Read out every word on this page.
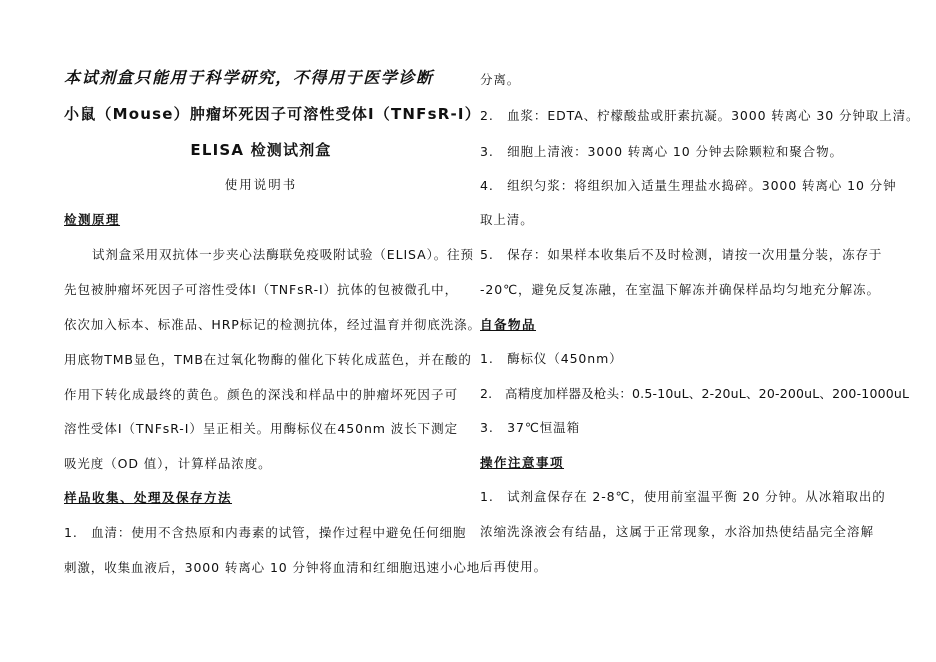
本试剂盒只能用于科学研究，不得用于医学诊断
小鼠（Mouse）肿瘤坏死因子可溶性受体Ⅰ（TNFsR-Ⅰ）
ELISA 检测试剂盒
使用说明书
检测原理
试剂盒采用双抗体一步夹心法酶联免疫吸附试验（ELISA）。往预
先包被肿瘤坏死因子可溶性受体Ⅰ（TNFsR-Ⅰ）抗体的包被微孔中，
依次加入标本、标准品、HRP标记的检测抗体，经过温育并彻底洗涤。
用底物TMB显色，TMB在过氧化物酶的催化下转化成蓝色，并在酸的
作用下转化成最终的黄色。颜色的深浅和样品中的肿瘤坏死因子可
溶性受体Ⅰ（TNFsR-Ⅰ）呈正相关。用酶标仪在450nm 波长下测定
吸光度（OD 值），计算样品浓度。
样品收集、处理及保存方法
1.　血清：使用不含热原和内毒素的试管，操作过程中避免任何细胞
刺激，收集血液后，3000 转离心 10 分钟将血清和红细胞迅速小心地
分离。
2.　血浆：EDTA、柠檬酸盐或肝素抗凝。3000 转离心 30 分钟取上清。
3.　细胞上清液：3000 转离心 10 分钟去除颗粒和聚合物。
4.　组织匀浆：将组织加入适量生理盐水捣碎。3000 转离心 10 分钟
取上清。
5.　保存：如果样本收集后不及时检测，请按一次用量分装，冻存于
-20℃，避免反复冻融，在室温下解冻并确保样品均匀地充分解冻。
自备物品
1.　酶标仪（450nm）
2.　高精度加样器及枪头：0.5-10uL、2-20uL、20-200uL、200-1000uL
3.　37℃恒温箱
操作注意事项
1.　试剂盒保存在 2-8℃，使用前室温平衡 20 分钟。从冰箱取出的
浓缩洗涤液会有结晶，这属于正常现象，水浴加热使结晶完全溶解
后再使用。
